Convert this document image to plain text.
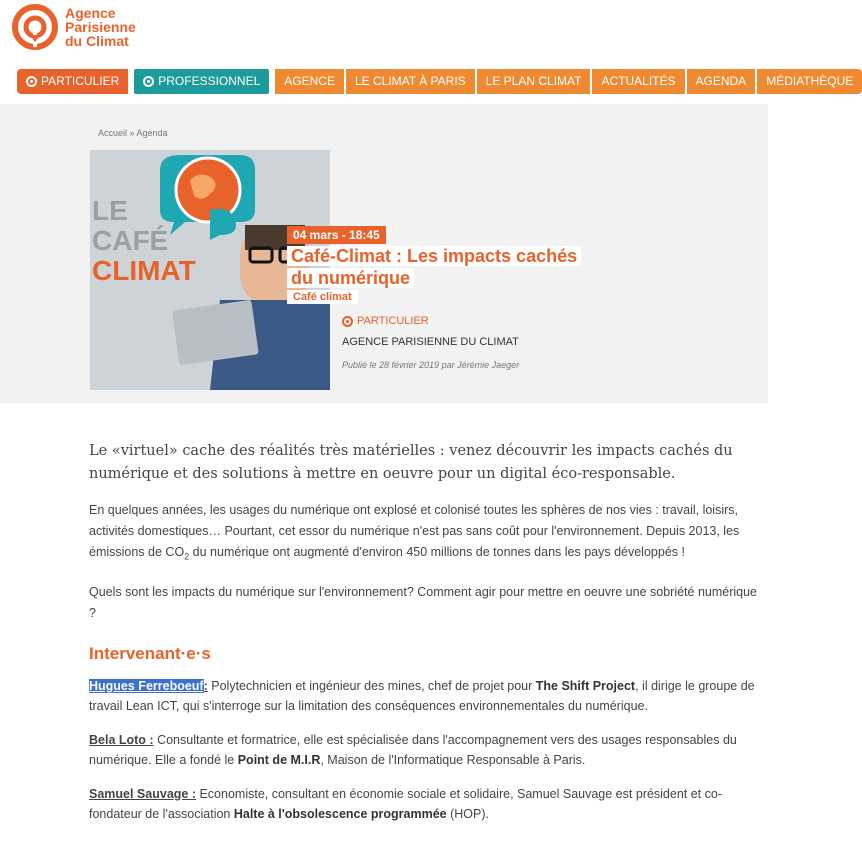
Agence
Parisienne
du Climat
PARTICULIER	PROFESSIONNEL	AGENCE	LE CLIMAT À PARIS	LE PLAN CLIMAT	ACTUALITÉS	AGENDA	MÉDIATHÈQUE
Accueil » Agenda
LE
CAFÉ
CLIMAT
04 mars - 18:45
Café-Climat : Les impacts cachés
du numérique
Café climat
PARTICULIER
AGENCE PARISIENNE DU CLIMAT
Publié le 28 février 2019 par Jérémie Jaeger

Le «virtuel» cache des réalités très matérielles : venez découvrir les impacts cachés du numérique et des solutions à mettre en oeuvre pour un digital éco-responsable.

En quelques années, les usages du numérique ont explosé et colonisé toutes les sphères de nos vies : travail, loisirs, activités domestiques… Pourtant, cet essor du numérique n'est pas sans coût pour l'environnement. Depuis 2013, les émissions de $CO_2$ du numérique ont augmenté d'environ 450 millions de tonnes dans les pays développés !

Quels sont les impacts du numérique sur l'environnement? Comment agir pour mettre en oeuvre une sobriété numérique ?

Intervenant·e·s

Hugues Ferreboeuf: Polytechnicien et ingénieur des mines, chef de projet pour The Shift Project, il dirige le groupe de travail Lean ICT, qui s'interroge sur la limitation des conséquences environnementales du numérique.

Bela Loto : Consultante et formatrice, elle est spécialisée dans l'accompagnement vers des usages responsables du numérique. Elle a fondé le Point de M.I.R, Maison de l'Informatique Responsable à Paris.

Samuel Sauvage : Economiste, consultant en économie sociale et solidaire, Samuel Sauvage est président et co-fondateur de l'association Halte à l'obsolescence programmée (HOP).
